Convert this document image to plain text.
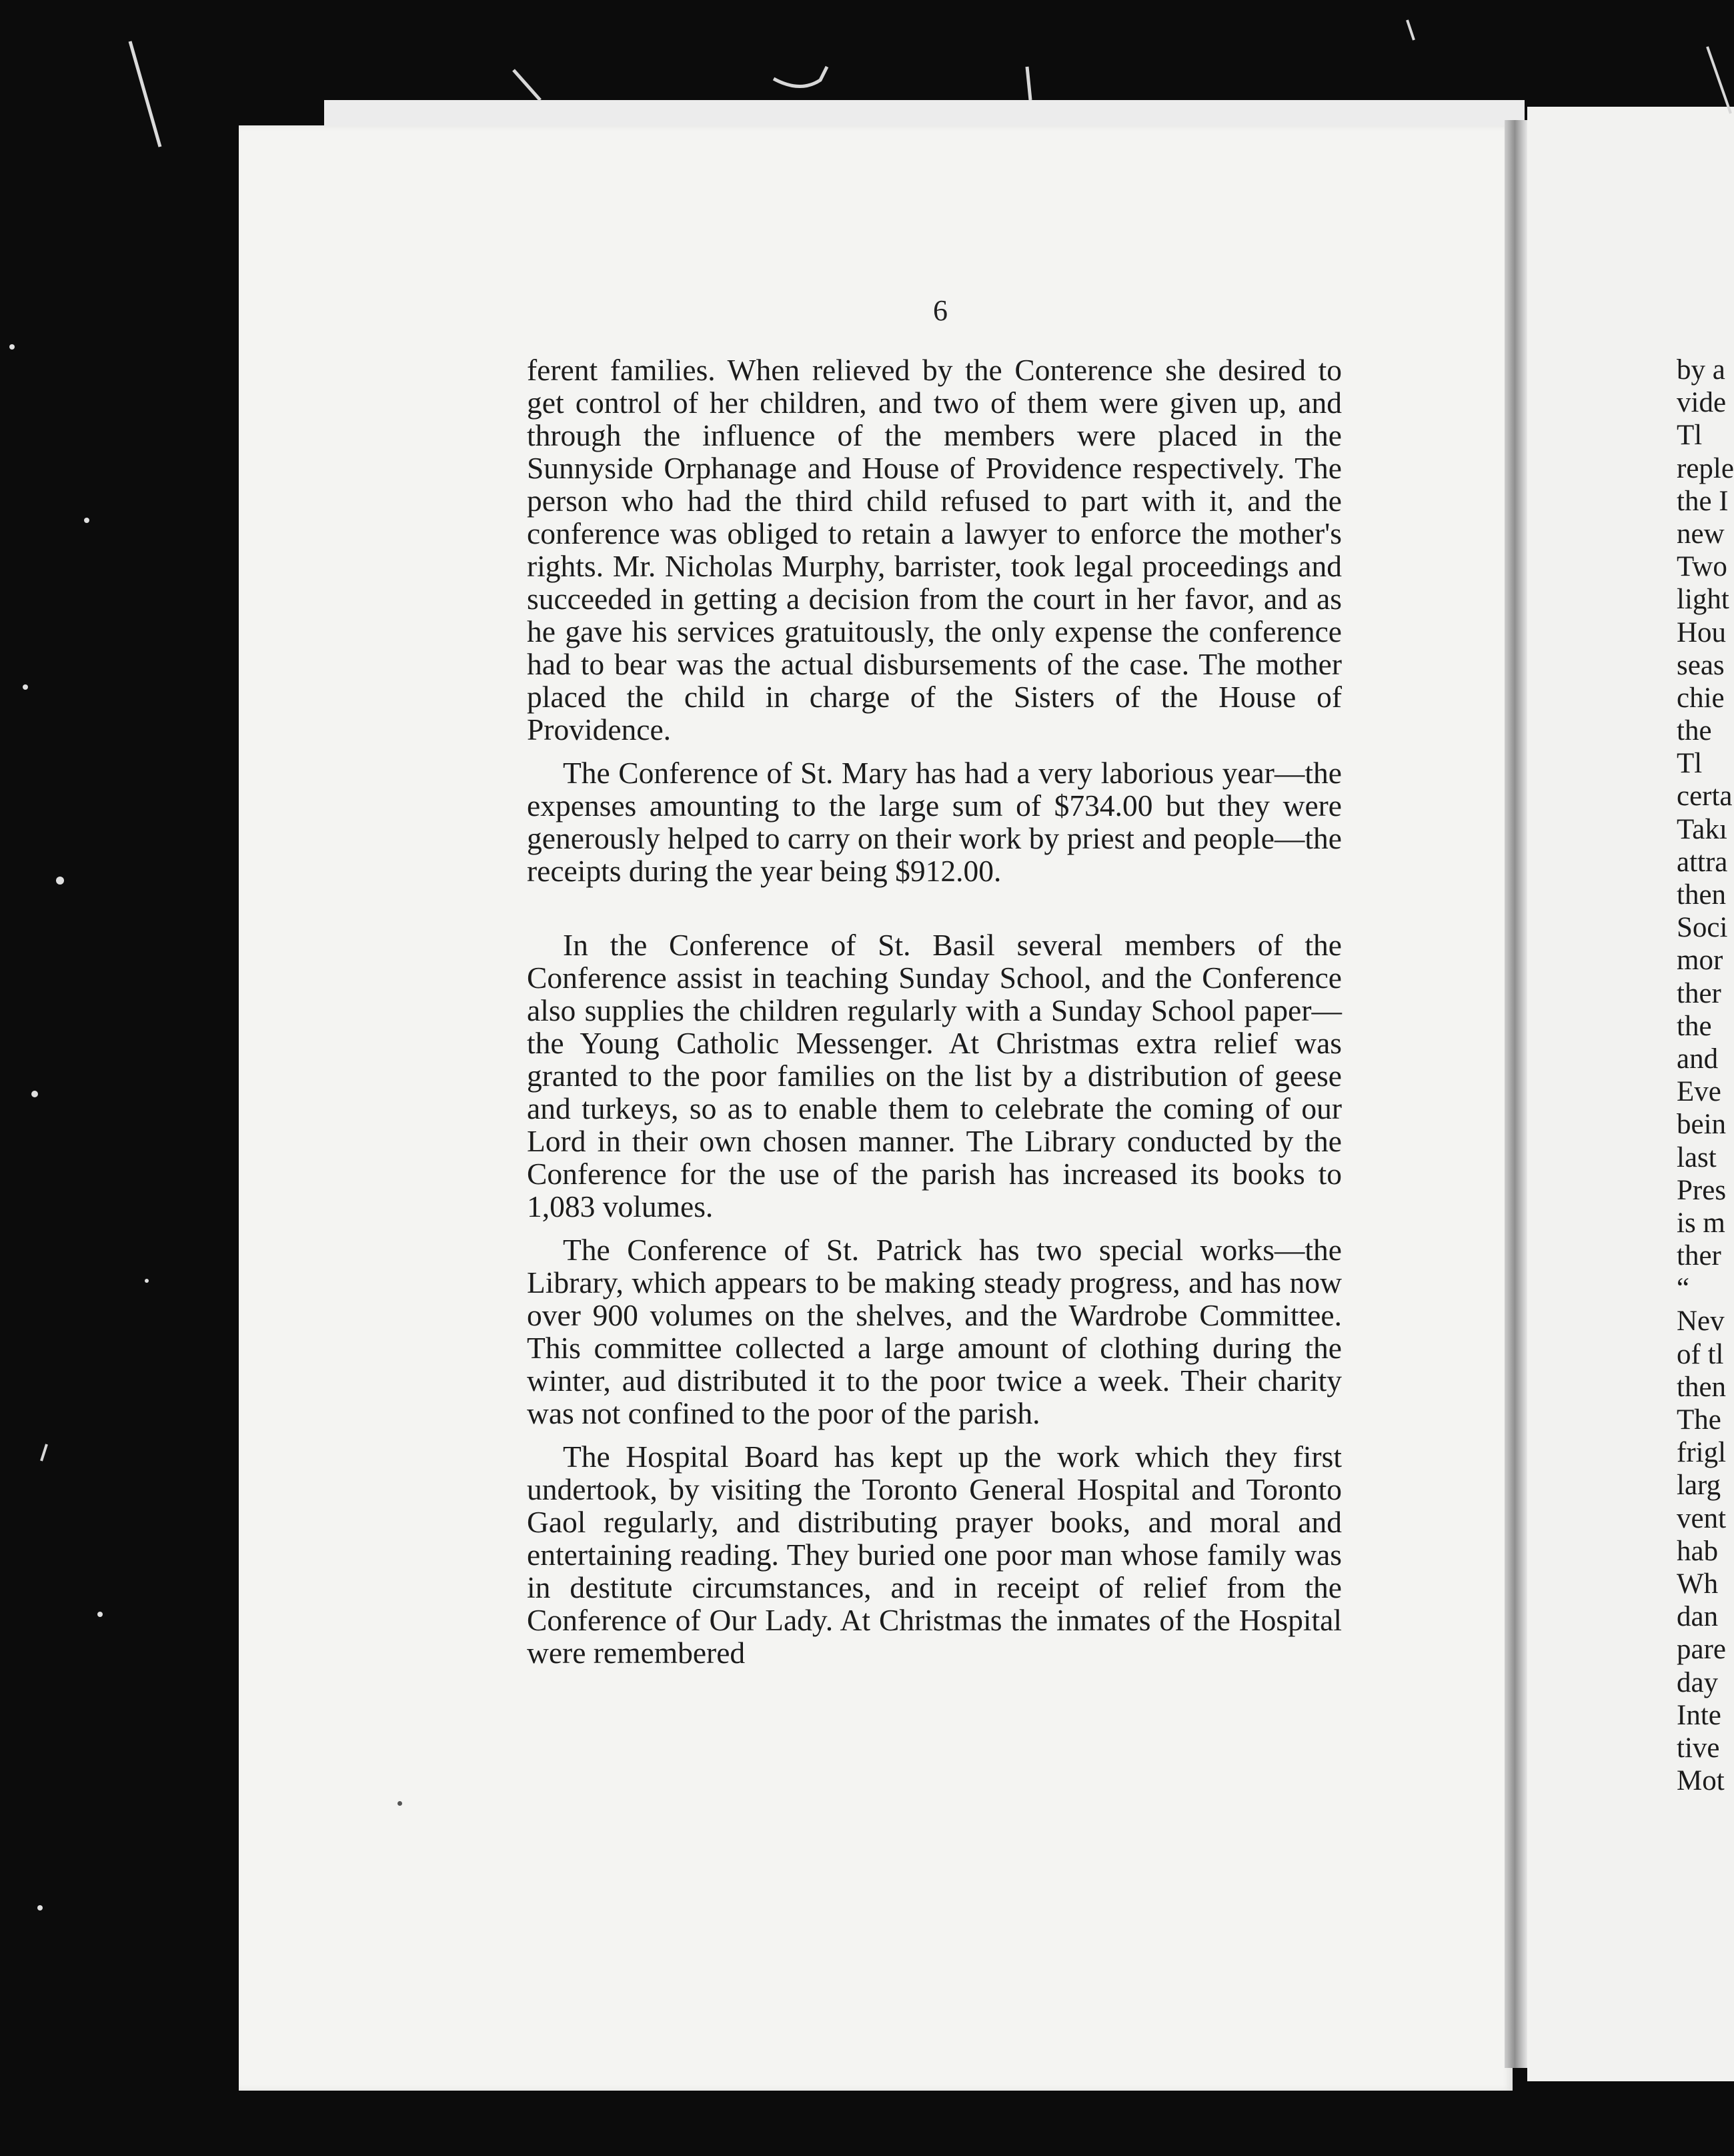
6

ferent families. When relieved by the Conterence she desired to get control of her children, and two of them were given up, and through the influence of the members were placed in the Sunnyside Orphanage and House of Providence respectively. The person who had the third child refused to part with it, and the conference was obliged to retain a lawyer to enforce the mother's rights. Mr. Nicholas Murphy, barrister, took legal proceedings and succeeded in getting a decision from the court in her favor, and as he gave his services gratuitously, the only expense the conference had to bear was the actual disbursements of the case. The mother placed the child in charge of the Sisters of the House of Providence.

The Conference of St. Mary has had a very laborious year—the expenses amounting to the large sum of $734.00 but they were generously helped to carry on their work by priest and people—the receipts during the year being $912.00.

In the Conference of St. Basil several members of the Conference assist in teaching Sunday School, and the Conference also supplies the children regularly with a Sunday School paper—the Young Catholic Messenger. At Christmas extra relief was granted to the poor families on the list by a distribution of geese and turkeys, so as to enable them to celebrate the coming of our Lord in their own chosen manner. The Library conducted by the Conference for the use of the parish has increased its books to 1,083 volumes.

The Conference of St. Patrick has two special works—the Library, which appears to be making steady progress, and has now over 900 volumes on the shelves, and the Wardrobe Committee. This committee collected a large amount of clothing during the winter, aud distributed it to the poor twice a week. Their charity was not confined to the poor of the parish.

The Hospital Board has kept up the work which they first undertook, by visiting the Toronto General Hospital and Toronto Gaol regularly, and distributing prayer books, and moral and entertaining reading. They buried one poor man whose family was in destitute circumstances, and in receipt of relief from the Conference of Our Lady. At Christmas the inmates of the Hospital were remembered

by a
vide
Tl
reple
the I
new
Two
light
Hou
seas
chie
the
Tl
certa
Takı
attra
then
Soci
mor
ther
the
and
Eve
bein
last
Pres
is m
ther
“
Nev
of tl
then
The
frigl
larg
vent
hab
Wh
dan
pare
day
Inte
tive
Mot
